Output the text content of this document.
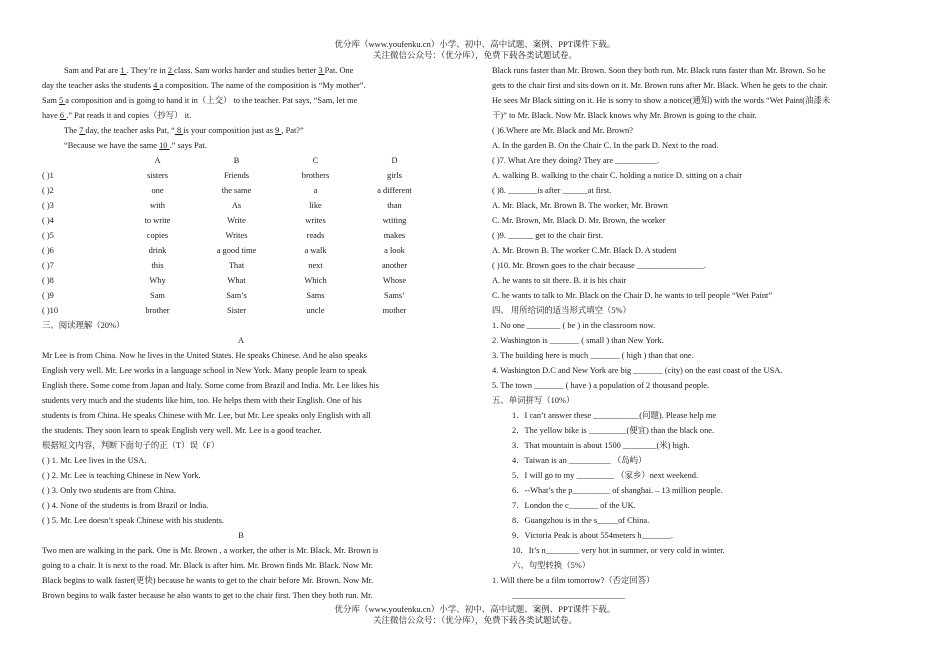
优分库（www.youfenku.cn）小学、初中、高中试题、案例、PPT课件下载。
关注微信公众号：（优分库），免费下载各类试题试卷。
Sam and Pat are 1 . They’re in 2 class. Sam works harder and studies better 3 Pat. One
day the teacher asks the students 4 a composition. The name of the composition is “My mother”.
Sam 5 a composition and is going to hand it in（上交） to the teacher. Pat says, “Sam, let me
have 6 .” Pat reads it and copies（抄写） it.
The 7 day, the teacher asks Pat, “ 8 is your composition just as 9 , Pat?”
“Because we have the same 10 .” says Pat.
A	B	C	D
( )1	sisters	Friends	brothers	girls
( )2	one	the same	a	a different
( )3	with	As	like	than
( )4	to write	Write	writes	wtiting
( )5	copies	Writes	reads	makes
( )6	drink	a good time	a walk	a look
( )7	this	That	next	another
( )8	Why	What	Which	Whose
( )9	Sam	Sam’s	Sams	Sams’
( )10	brother	Sister	uncle	mother
三、阅读理解（20%）
A
Mr Lee is from China. Now he lives in the United States. He speaks Chinese. And he also speaks
English very well. Mr. Lee works in a language school in New York. Many people learn to speak
English there. Some come from Japan and Italy. Some come from Brazil and India. Mr. Lee likes his
students very much and the students like him, too. He helps them with their English. One of his
students is from China. He speaks Chinese with Mr. Lee, but Mr. Lee speaks only English with all
the students. They soon learn to speak English very well. Mr. Lee is a good teacher.
根据短文内容，判断下面句子的正（T）误（F）
( ) 1. Mr. Lee lives in the USA.
( ) 2. Mr. Lee is teaching Chinese in New York.
( ) 3. Only two students are from China.
( ) 4. None of the students is from Brazil or India.
( ) 5. Mr. Lee doesn’t speak Chinese with his students.
B
Two men are walking in the park. One is Mr. Brown , a worker, the other is Mr. Black. Mr. Brown is
going to a chair. It is next to the road. Mr. Black is after him. Mr. Brown finds Mr. Black. Now Mr.
Black begins to walk faster(更快) because he wants to get to the chair before Mr. Brown. Now Mr.
Brown begins to walk faster because he also wants to get to the chair first. Then they both run. Mr.
Black runs faster than Mr. Brown. Soon they both run. Mr. Black runs faster than Mr. Brown. So he
gets to the chair first and sits down on it. Mr. Brown runs after Mr. Black. When he gets to the chair.
He sees Mr Black sitting on it. He is sorry to show a notice(通知) with the words “Wet Paint(油漆未
干)” to Mr. Black. Now Mr. Black knows why Mr. Brown is going to the chair.
( )6.Where are Mr. Black and Mr. Brown?
A. In the garden B. On the Chair C. In the park D. Next to the road.
( )7. What Are they doing? They are __________.
A. walking B. walking to the chair C. holding a notice D. sitting on a chair
( )8. _______is after ______at first.
A. Mr. Black, Mr. Brown B. The worker, Mr. Brown
C. Mr. Brown, Mr. Black D. Mr. Brown, the worker
( )9. ______ get to the chair first.
A. Mr. Brown B. The worker C.Mr. Black D. A student
( )10. Mr. Brown goes to the chair because ________________.
A. he wants to sit there. B. it is his chair
C. he wants to talk to Mr. Black on the Chair D. he wants to tell people “Wet Paint”
四、 用所给词的适当形式填空（5%）
1. No one ________ ( be ) in the classroom now.
2. Washington is _______ ( small ) than New York.
3. The building here is much _______ ( high ) than that one.
4. Washington D.C and New York are big _______ (city) on the east coast of the USA.
5. The town _______ ( have ) a population of 2 thousand people.
五、单词拼写（10%）
1．I can’t answer these ___________(问题). Please help me
2．The yellow bike is _________(便宜) than the black one.
3．That mountain is about 1500 ________(米) high.
4．Taiwan is an __________ （岛屿）
5．I will go to my _________ （家乡）next weekend.
6．--What’s the p_________ of shanghai. – 13 million people.
7．London the c_______ of the UK.
8．Guangzhou is in the s_____of China.
9．Victoria Peak is about 554meters h_______.
10．It’s n________ very hot in summer, or very cold in winter.
六、句型转换（5%）
1. Will there be a film tomorrow?（否定回答）
___________________________
优分库（www.youfenku.cn）小学、初中、高中试题、案例、PPT课件下载。
关注微信公众号：（优分库），免费下载各类试题试卷。
